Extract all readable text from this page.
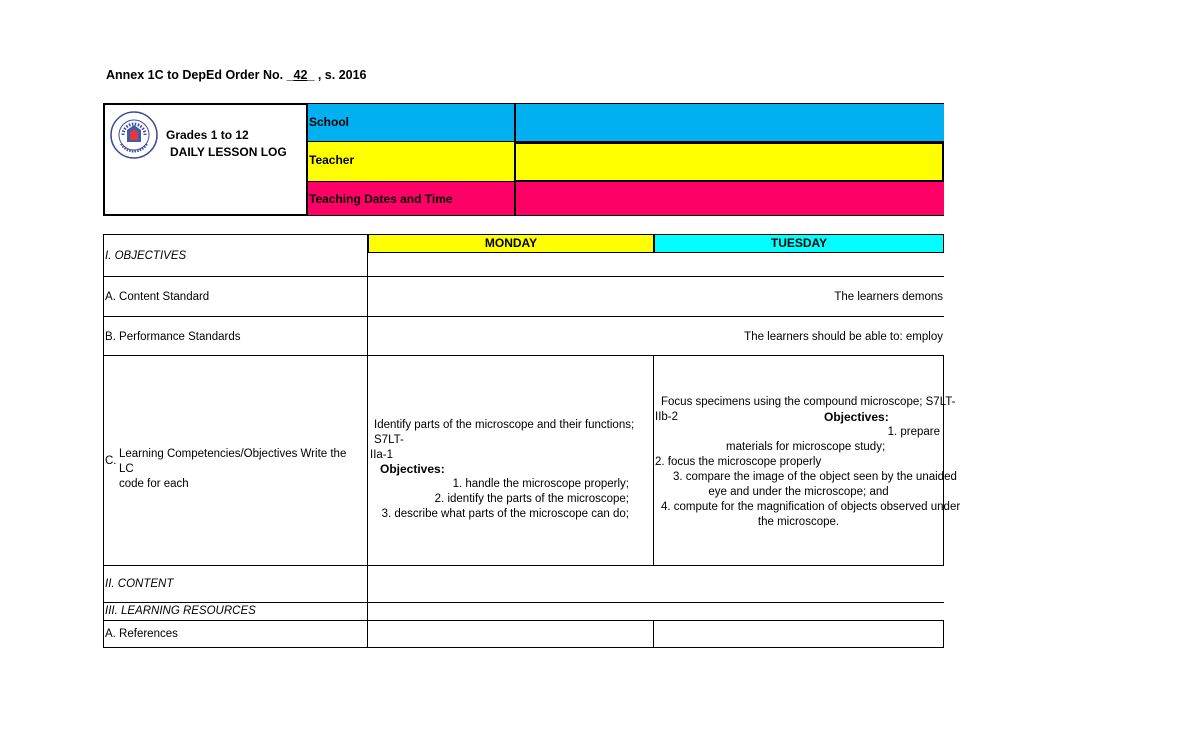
Annex 1C to DepEd Order No. _42_ , s. 2016
Grades 1 to 12
DAILY LESSON LOG
School
Teacher
Teaching Dates and Time
MONDAY	TUESDAY
I. OBJECTIVES
A. Content Standard
B. Performance Standards
C.
Learning Competencies/Objectives Write the LC
code for each
II. CONTENT
III. LEARNING RESOURCES
A. References
The learners demons
The learners should be able to: employ
Identify parts of the microscope and their functions; S7LT-
IIa-1
Objectives:
1. handle the microscope properly;
2. identify the parts of the microscope;
3. describe what parts of the microscope can do;
Focus specimens using the compound microscope; S7LT-
IIb-2	Objectives:
1. prepare
materials for microscope study;
2. focus the microscope properly
3. compare the image of the object seen by the unaided
eye and under the microscope; and
4. compute for the magnification of objects observed under
the microscope.
